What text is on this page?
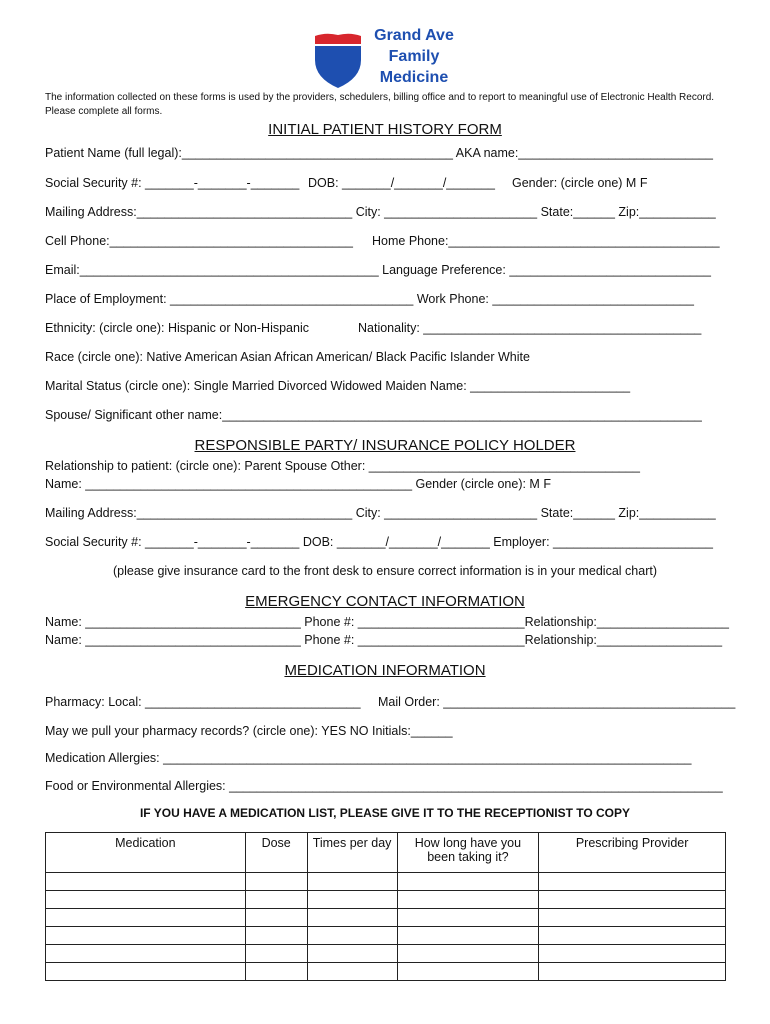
Grand Ave
Family
Medicine
The information collected on these forms is used by the providers, schedulers, billing office and to report to meaningful use of Electronic Health Record. Please complete all forms.
INITIAL PATIENT HISTORY FORM
Patient Name (full legal):_______________________________________ AKA name:____________________________
Social Security #: _______-_______-_______ DOB: _______/_______/_______ Gender: (circle one) M F
Mailing Address:_______________________________ City: ______________________ State:______ Zip:___________
Cell Phone:___________________________________ Home Phone:_______________________________________
Email:___________________________________________ Language Preference: _____________________________
Place of Employment: ___________________________________ Work Phone: _____________________________
Ethnicity: (circle one): Hispanic or Non-Hispanic	Nationality: ________________________________________
Race (circle one): Native American Asian African American/ Black Pacific Islander White
Marital Status (circle one): Single Married Divorced Widowed Maiden Name: _______________________
Spouse/ Significant other name:_____________________________________________________________________
RESPONSIBLE PARTY/ INSURANCE POLICY HOLDER
Relationship to patient: (circle one): Parent Spouse Other: _______________________________________
Name: _______________________________________________ Gender (circle one): M F
Mailing Address:_______________________________ City: ______________________ State:______ Zip:___________
Social Security #: _______-_______-_______ DOB: _______/_______/_______ Employer: _______________________
(please give insurance card to the front desk to ensure correct information is in your medical chart)
EMERGENCY CONTACT INFORMATION
Name: _______________________________ Phone #: ________________________Relationship:___________________
Name: _______________________________ Phone #: ________________________Relationship:__________________
MEDICATION INFORMATION
Pharmacy: Local: _______________________________ Mail Order: __________________________________________
May we pull your pharmacy records? (circle one): YES NO Initials:______
Medication Allergies: ____________________________________________________________________________
Food or Environmental Allergies: _______________________________________________________________________
IF YOU HAVE A MEDICATION LIST, PLEASE GIVE IT TO THE RECEPTIONIST TO COPY
Medication	Dose	Times per day	How long have you been taking it?	Prescribing Provider
